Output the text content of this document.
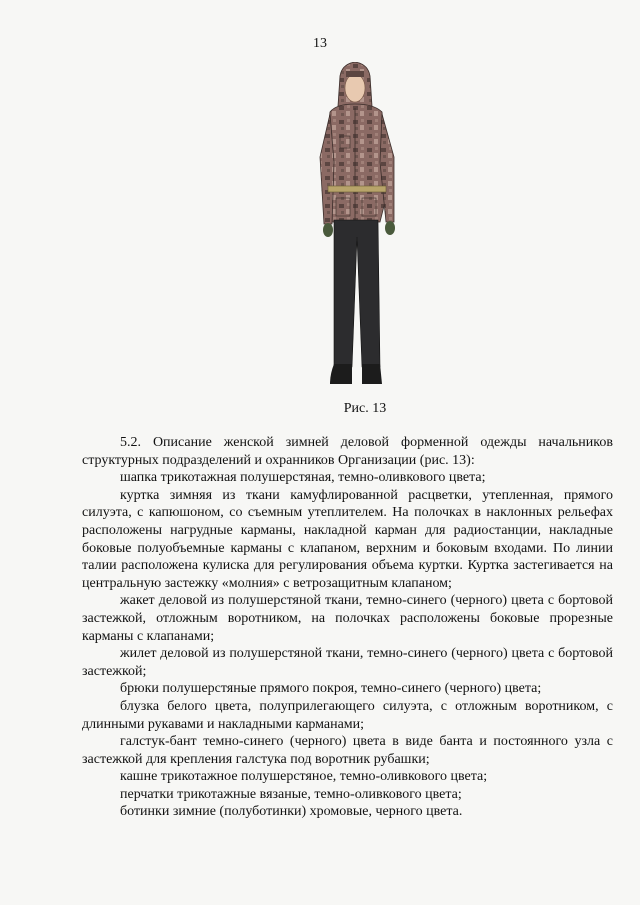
13
Рис. 13

5.2. Описание женской зимней деловой форменной одежды начальников структурных подразделений и охранников Организации (рис. 13):

шапка трикотажная полушерстяная, темно-оливкового цвета;

куртка зимняя из ткани камуфлированной расцветки, утепленная, прямого силуэта, с капюшоном, со съемным утеплителем. На полочках в наклонных рельефах расположены нагрудные карманы, накладной карман для радиостанции, накладные боковые полуобъемные карманы с клапаном, верхним и боковым входами. По линии талии расположена кулиска для регулирования объема куртки. Куртка застегивается на центральную застежку «молния» с ветрозащитным клапаном;

жакет деловой из полушерстяной ткани, темно-синего (черного) цвета с бортовой застежкой, отложным воротником, на полочках расположены боковые прорезные карманы с клапанами;

жилет деловой из полушерстяной ткани, темно-синего (черного) цвета с бортовой застежкой;

брюки полушерстяные прямого покроя, темно-синего (черного) цвета;

блузка белого цвета, полуприлегающего силуэта, с отложным воротником, с длинными рукавами и накладными карманами;

галстук-бант темно-синего (черного) цвета в виде банта и постоянного узла с застежкой для крепления галстука под воротник рубашки;

кашне трикотажное полушерстяное, темно-оливкового цвета;

перчатки трикотажные вязаные, темно-оливкового цвета;

ботинки зимние (полуботинки) хромовые, черного цвета.
